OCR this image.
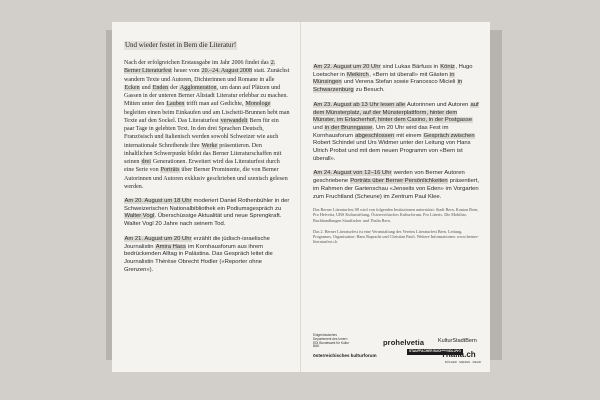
Und wieder festet in Bern die Literatur!

Nach der erfolgreichen Erstausgabe im Jahr 2006 findet das 2. Berner Literaturfest heuer vom 20.–24. August 2008 statt. Zunächst wandern Texte und Autoren, Dichterinnen und Romane in alle Ecken und Enden der Agglomeration, um dann auf Plätzen und Gassen in der unteren Berner Altstadt Literatur erlebbar zu machen. Mitten unter den Lauben trifft man auf Gedichte, Monologe begleiten einen beim Einkaufen und am Lischetti-Brunnen hebt man Texte auf den Sockel. Das Literaturfest verwandelt Bern für ein paar Tage in gelebten Text. In den drei Sprachen Deutsch, Französisch und Italienisch werden sowohl Schweizer wie auch internationale Schreibende ihre Werke präsentieren. Den inhaltlichen Schwerpunkt bildet das Berner Literaturschaffen mit seinen drei Generationen. Erweitert wird das Literaturfest durch eine Serie von Porträts über Berner Prominente, die von Berner Autorinnen und Autoren exklusiv geschrieben und szenisch gelesen werden.

Am 20. August um 18 Uhr moderiert Daniel Rothenbühler in der Schweizerischen Nationalbibliothek ein Podiumsgespräch zu Walter Vogl. Überschüssige Aktualität und neue Sprengkraft. Walter Vogl 20 Jahre nach seinem Tod.

Am 21. August um 20 Uhr erzählt die jüdisch-israelische Journalistin Amira Hass im Kornhausforum aus ihrem bedrückenden Alltag in Palästina. Das Gespräch leitet die Journalistin Thérèse Obrecht Hodler («Reporter ohne Grenzen»).

Am 22. August um 20 Uhr sind Lukas Bärfuss in Köniz, Hugo Loetscher in Meikirch, «Bern ist überall» mit Gästen in Münsingen und Verena Stefan sowie Francesco Micieli in Schwarzenburg zu Besuch.

Am 23. August ab 13 Uhr lesen alle Autorinnen und Autoren auf dem Münsterplatz, auf der Münsterplattform, hinter dem Münster, im Erlacherhof, hinter dem Casino, in der Postgasse und in der Brunngasse. Um 20 Uhr wird das Fest im Kornhausforum abgeschlossen mit einem Gespräch zwischen Robert Schindel und Urs Widmer unter der Leitung von Hans Ulrich Probst und mit dem neuen Programm von «Bern ist überall».

Am 24. August von 12–16 Uhr werden von Berner Autoren geschriebene Porträts über Berner Persönlichkeiten präsentiert, im Rahmen der Gartenschau «Jenseits von Eden» im Vorgarten zum Fruchtland (Scheune) im Zentrum Paul Klee.

Das Berner Literaturfest 08 wird von folgenden Institutionen unterstützt: Stadt Bern, Kanton Bern, Pro Helvetia, UBS Kulturstiftung, Österreichisches Kulturforum, Pro Litteris, Die Mobiliar, Buchhandlungen Stauffacher und Thalia Bern.

Das 2. Berner Literaturfest ist eine Veranstaltung des Vereins Literaturfest Bern. Leitung, Programm, Organisation: Hans Rapracht und Christian Pauli. Weitere Informationen: www.berner-literaturfest.ch

Eidgenössisches Departement des Innern EDI Bundesamt für Kultur BAK	prohelvetia	KulturStadtBern
österreichisches kulturforum
STAUFFACHER BUCHHANDLUNG
Thalia.ch
BÜCHER · MEDIEN · MEHR
